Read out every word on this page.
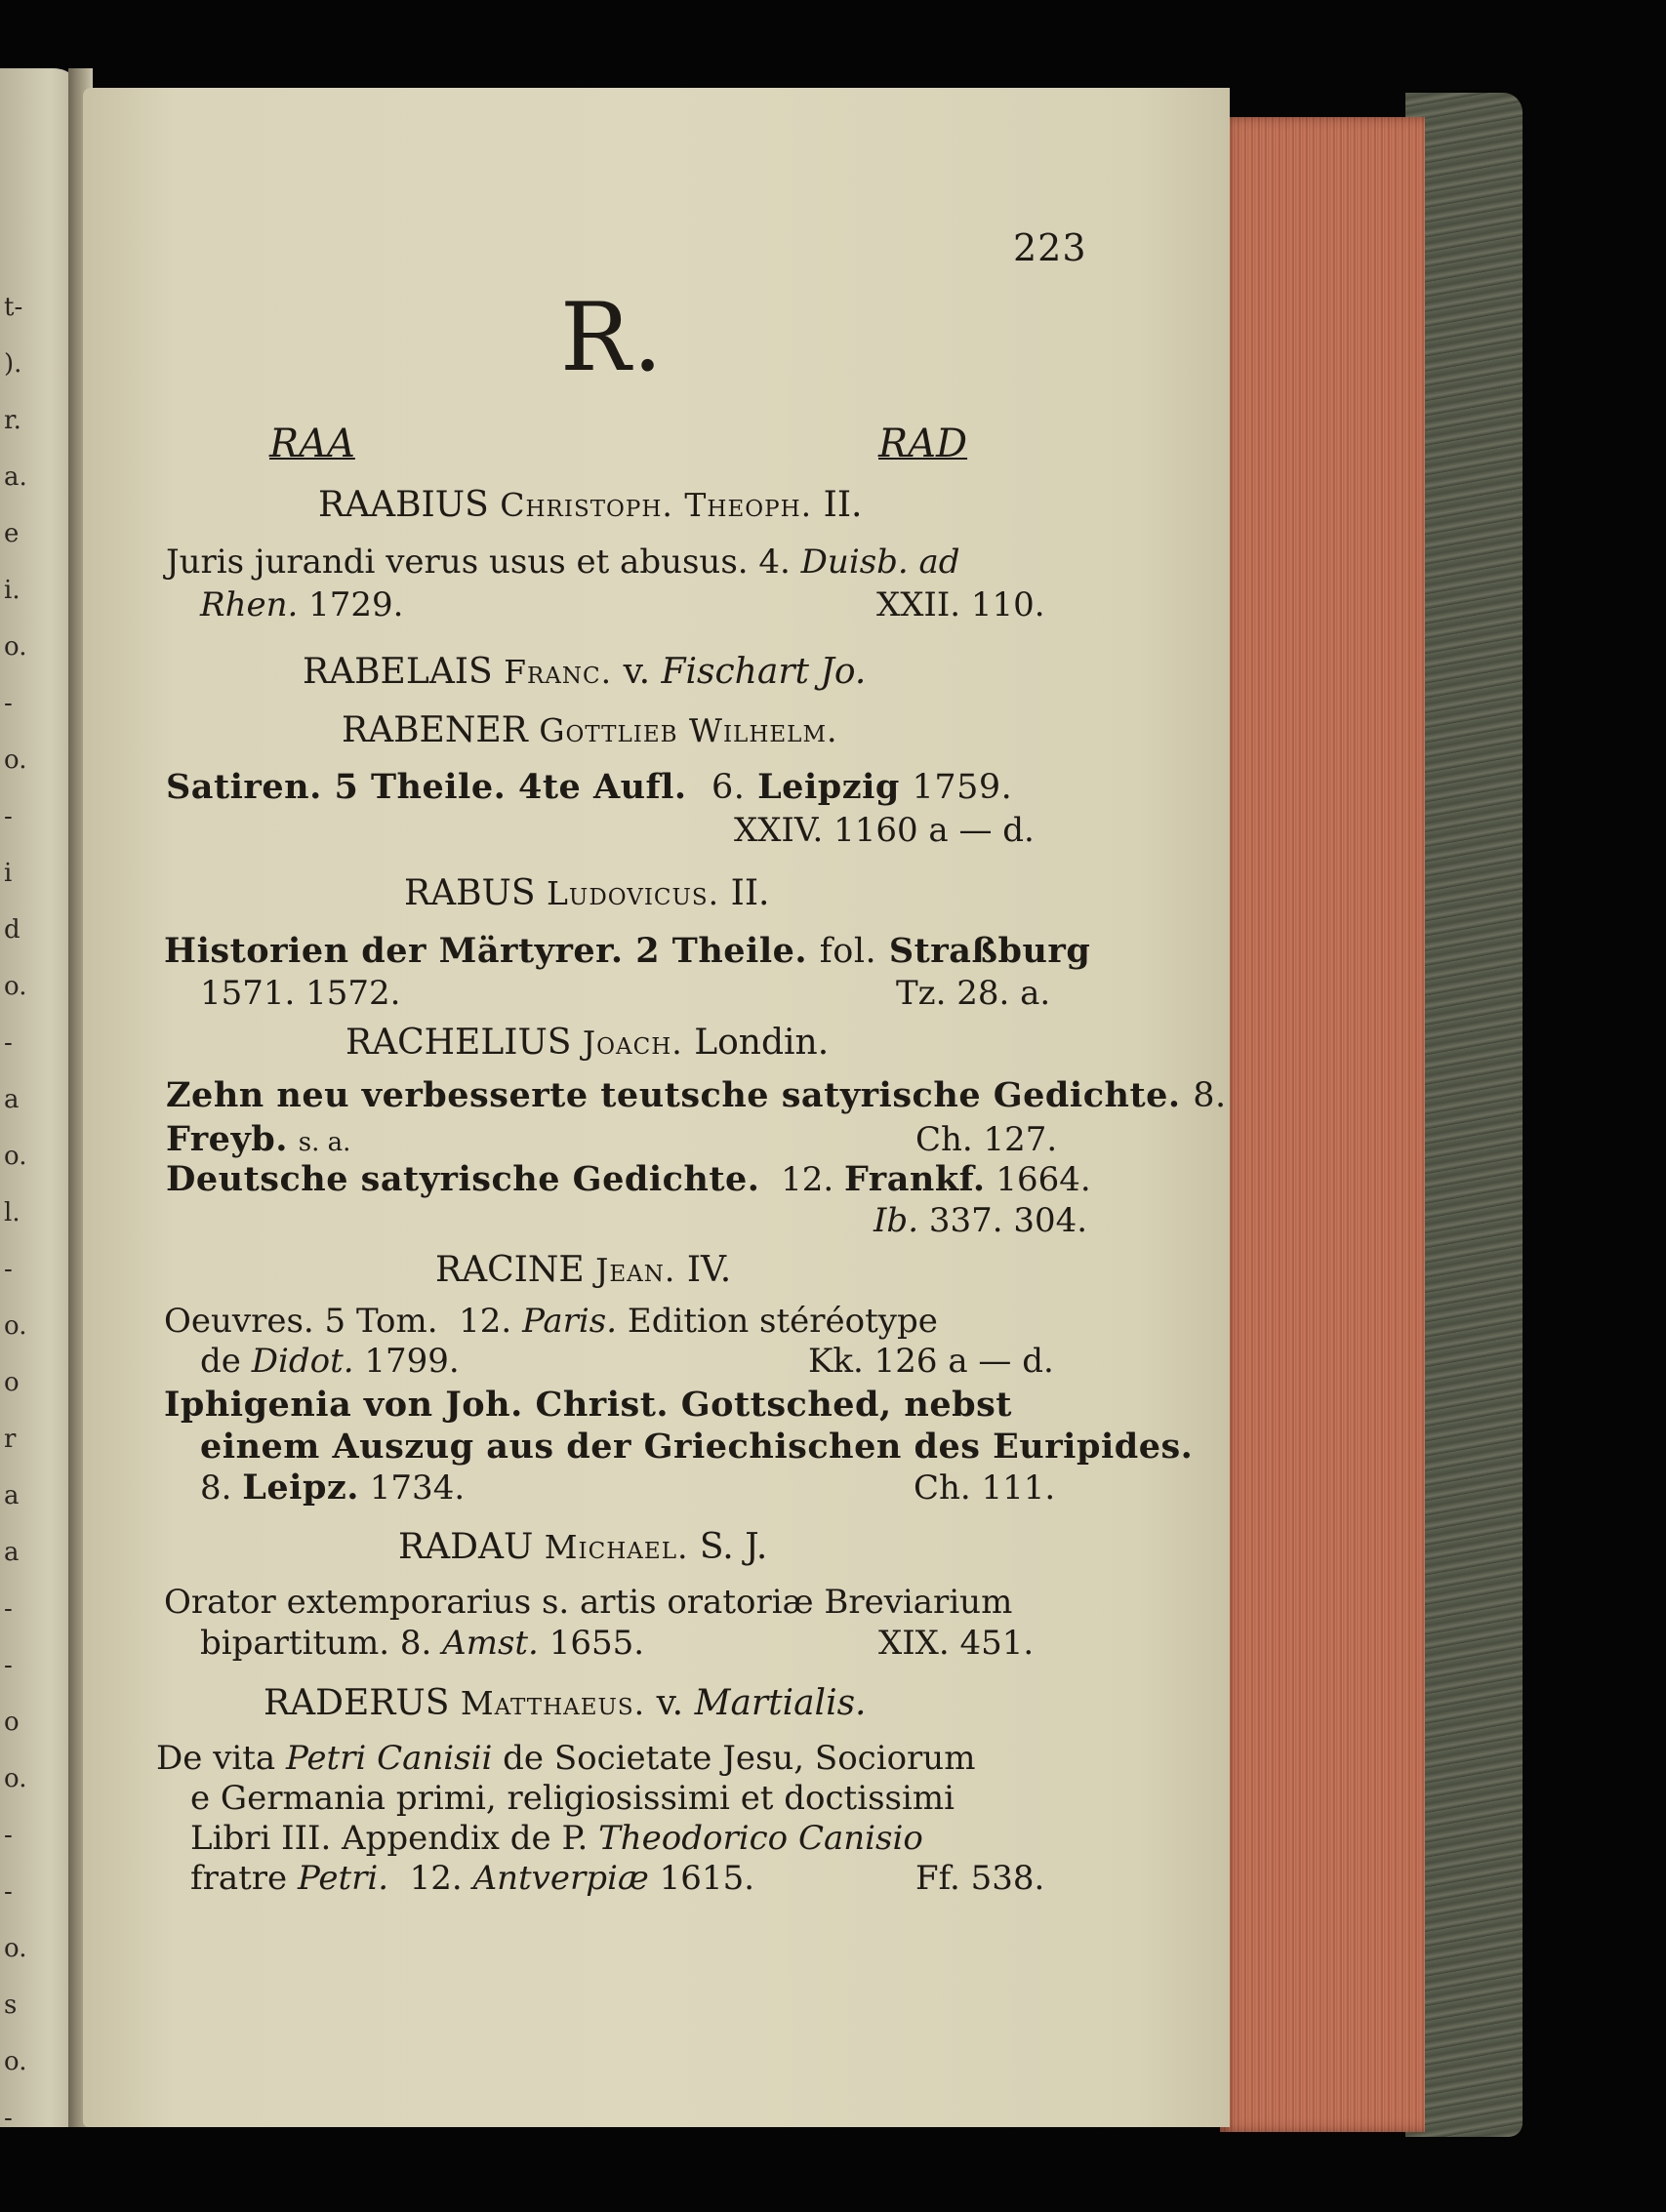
t-
).
r.
a.
e
i.
o.
-
o.
-
i
d
o.
-
a
o.
l.
-
o.
o
r
a
a
-
-
o
o.
-
-
o.
s
o.
-
223
R.
RAA	RAD
RAABIUS Christoph. Theoph. II.
Juris jurandi verus usus et abusus. 4. Duisb. ad
Rhen. 1729.	XXII. 110.
RABELAIS Franc. v. Fischart Jo.
RABENER Gottlieb Wilhelm.
Satiren. 5 Theile. 4te Aufl. 6. Leipzig 1759.
XXIV. 1160 a — d.
RABUS Ludovicus. II.
Historien der Märtyrer. 2 Theile. fol. Straßburg
1571. 1572.	Tz. 28. a.
RACHELIUS Joach. Londin.
Zehn neu verbesserte teutsche satyrische Gedichte. 8.
Freyb. s. a.	Ch. 127.
Deutsche satyrische Gedichte. 12. Frankf. 1664.
Ib. 337. 304.
RACINE Jean. IV.
Oeuvres. 5 Tom. 12. Paris. Edition stéréotype
de Didot. 1799.	Kk. 126 a — d.
Iphigenia von Joh. Christ. Gottsched, nebst
einem Auszug aus der Griechischen des Euripides.
8. Leipz. 1734.	Ch. 111.
RADAU Michael. S. J.
Orator extemporarius s. artis oratoriæ Breviarium
bipartitum. 8. Amst. 1655.	XIX. 451.
RADERUS Matthaeus. v. Martialis.
De vita Petri Canisii de Societate Jesu, Sociorum
e Germania primi, religiosissimi et doctissimi
Libri III. Appendix de P. Theodorico Canisio
fratre Petri. 12. Antverpiæ 1615.	Ff. 538.
